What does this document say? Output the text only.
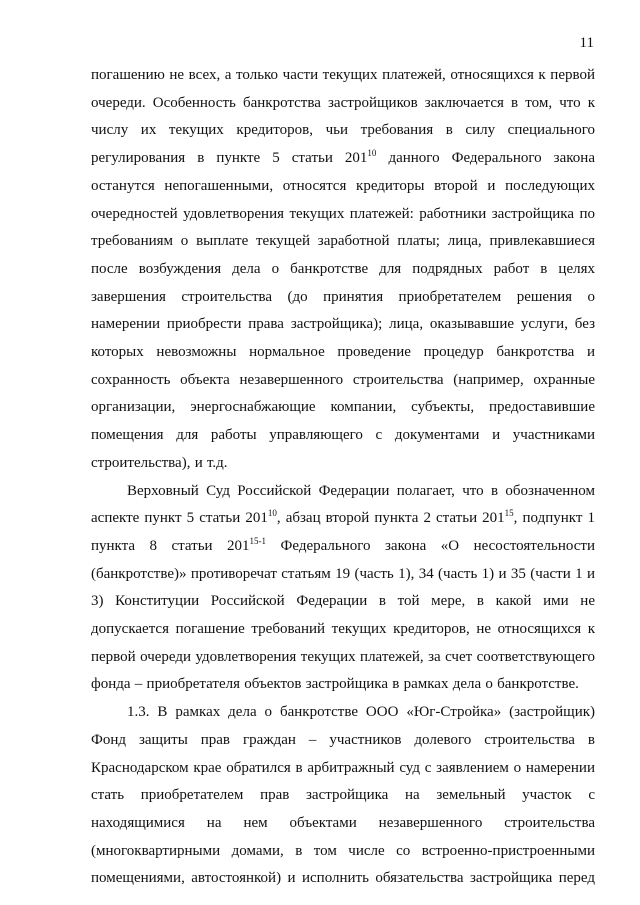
11

погашению не всех, а только части текущих платежей, относящихся к первой очереди. Особенность банкротства застройщиков заключается в том, что к числу их текущих кредиторов, чьи требования в силу специального регулирования в пункте 5 статьи $201^{10}$ данного Федерального закона останутся непогашенными, относятся кредиторы второй и последующих очередностей удовлетворения текущих платежей: работники застройщика по требованиям о выплате текущей заработной платы; лица, привлекавшиеся после возбуждения дела о банкротстве для подрядных работ в целях завершения строительства (до принятия приобретателем решения о намерении приобрести права застройщика); лица, оказывавшие услуги, без которых невозможны нормальное проведение процедур банкротства и сохранность объекта незавершенного строительства (например, охранные организации, энергоснабжающие компании, субъекты, предоставившие помещения для работы управляющего с документами и участниками строительства), и т.д.

Верховный Суд Российской Федерации полагает, что в обозначенном аспекте пункт 5 статьи $201^{10}$, абзац второй пункта 2 статьи $201^{15}$, подпункт 1 пункта 8 статьи 201$^{15-1}$ Федерального закона «О несостоятельности (банкротстве)» противоречат статьям 19 (часть 1), 34 (часть 1) и 35 (части 1 и 3) Конституции Российской Федерации в той мере, в какой ими не допускается погашение требований текущих кредиторов, не относящихся к первой очереди удовлетворения текущих платежей, за счет соответствующего фонда – приобретателя объектов застройщика в рамках дела о банкротстве.

1.3. В рамках дела о банкротстве ООО «Юг-Стройка» (застройщик) Фонд защиты прав граждан – участников долевого строительства в Краснодарском крае обратился в арбитражный суд с заявлением о намерении стать приобретателем прав застройщика на земельный участок с находящимися на нем объектами незавершенного строительства (многоквартирными домами, в том числе со встроенно-пристроенными помещениями, автостоянкой) и исполнить обязательства застройщика перед
